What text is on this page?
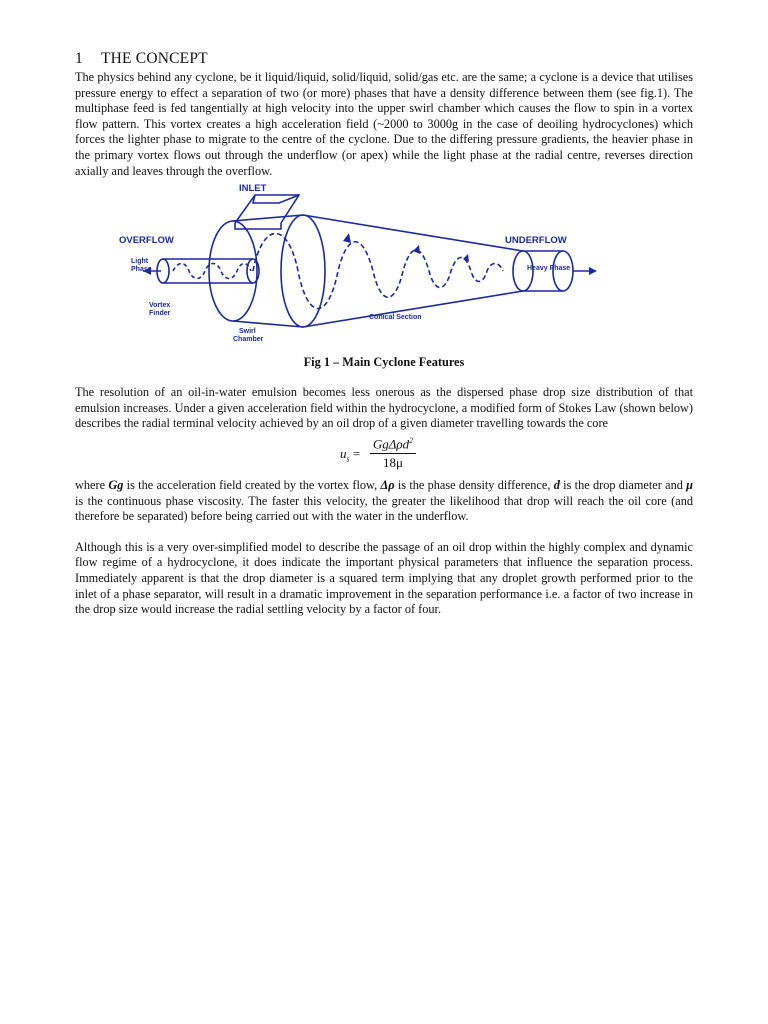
1 THE CONCEPT

The physics behind any cyclone, be it liquid/liquid, solid/liquid, solid/gas etc. are the same; a cyclone is a device that utilises pressure energy to effect a separation of two (or more) phases that have a density difference between them (see fig.1). The multiphase feed is fed tangentially at high velocity into the upper swirl chamber which causes the flow to spin in a vortex flow pattern. This vortex creates a high acceleration field (~2000 to 3000g in the case of deoiling hydrocyclones) which forces the lighter phase to migrate to the centre of the cyclone. Due to the differing pressure gradients, the heavier phase in the primary vortex flows out through the underflow (or apex) while the light phase at the radial centre, reverses direction axially and leaves through the overflow.

INLET
OVERFLOW	UNDERFLOW
Light
Phase	Heavy Phase
Vortex
Finder
Swirl
Chamber
Conical Section
Fig 1 – Main Cyclone Features

The resolution of an oil-in-water emulsion becomes less onerous as the dispersed phase drop size distribution of that emulsion increases. Under a given acceleration field within the hydrocyclone, a modified form of Stokes Law (shown below) describes the radial terminal velocity achieved by an oil drop of a given diameter travelling towards the core

$u_s$ =
GgΔρd$^2$
18μ

where Gg is the acceleration field created by the vortex flow, Δρ is the phase density difference, d is the drop diameter and μ is the continuous phase viscosity. The faster this velocity, the greater the likelihood that drop will reach the oil core (and therefore be separated) before being carried out with the water in the underflow.

Although this is a very over-simplified model to describe the passage of an oil drop within the highly complex and dynamic flow regime of a hydrocyclone, it does indicate the important physical parameters that influence the separation process. Immediately apparent is that the drop diameter is a squared term implying that any droplet growth performed prior to the inlet of a phase separator, will result in a dramatic improvement in the separation performance i.e. a factor of two increase in the drop size would increase the radial settling velocity by a factor of four.
